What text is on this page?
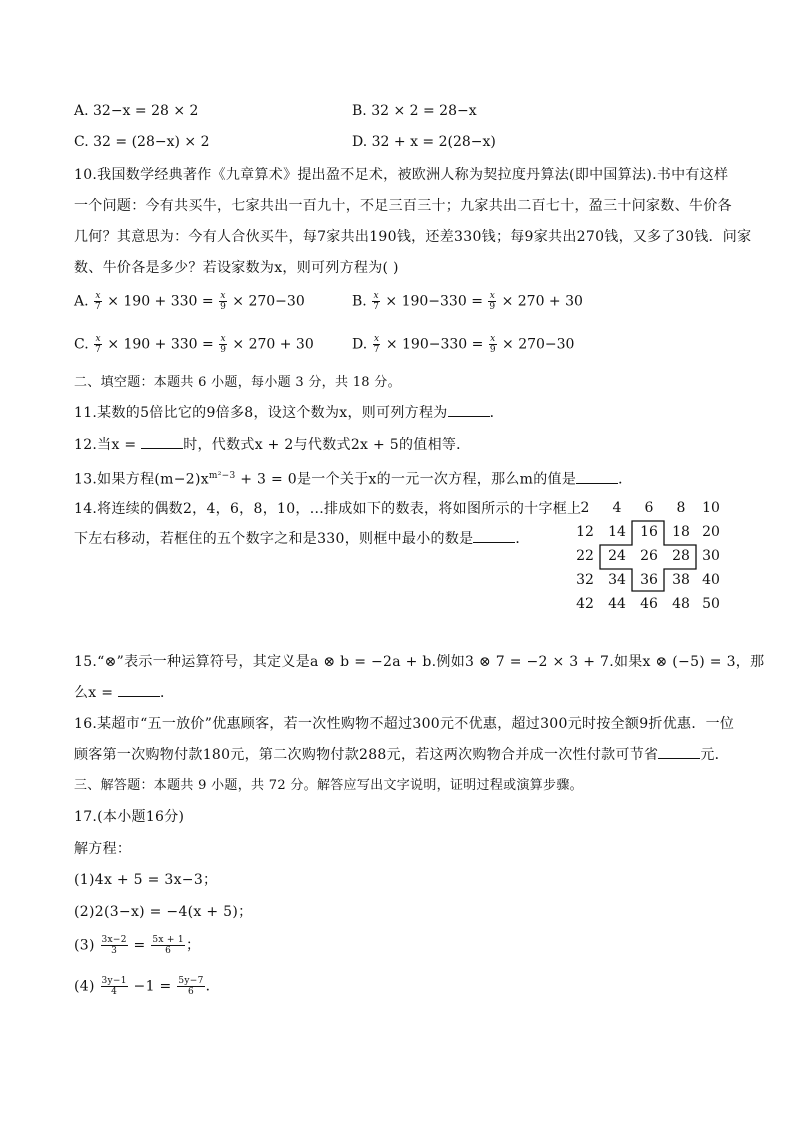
A. 32−x = 28 × 2	B. 32 × 2 = 28−x
C. 32 = (28−x) × 2	D. 32 + x = 2(28−x)
10.我国数学经典著作《九章算术》提出盈不足术，被欧洲人称为契拉度丹算法(即中国算法).书中有这样
一个问题：今有共买牛，七家共出一百九十，不足三百三十；九家共出二百七十，盈三十问家数、牛价各
几何？其意思为：今有人合伙买牛，每7家共出190钱，还差330钱；每9家共出270钱，又多了30钱．问家
数、牛价各是多少？若设家数为x，则可列方程为( )
A. $\frac{x}{7} \times 190 + 330 = \frac{x}{9} \times 270-30$	B. $\frac{x}{7} \times 190-330 = \frac{x}{9} \times 270 + 30$
C. $\frac{x}{7} \times 190 + 330 = \frac{x}{9} \times 270 + 30$	D. $\frac{x}{7} \times 190-330 = \frac{x}{9} \times 270-30$
二、填空题：本题共 6 小题，每小题 3 分，共 18 分。
11.某数的5倍比它的9倍多8，设这个数为x，则可列方程为	．
12.当x =	时，代数式x + 2与代数式2x + 5的值相等．
13.如果方程$(m-2)x^{m^2-3} + 3 = 0$是一个关于x的一元一次方程，那么m的值是	．
14.将连续的偶数2，4，6，8，10，...排成如下的数表，将如图所示的十字框上
下左右移动，若框住的五个数字之和是330，则框中最小的数是	．
2	4	6	8	10
12	14	16	18 20
22	24	26	28 30
32	34	36	38 40
42	44	46	48 50
15.“⊗”表示一种运算符号，其定义是a ⊗ b = −2a + b.例如3 ⊗ 7 = −2 × 3 + 7.如果x ⊗ (−5) = 3，那
么x =	．
16.某超市“五一放价”优惠顾客，若一次性购物不超过300元不优惠，超过300元时按全额9折优惠．一位
顾客第一次购物付款180元，第二次购物付款288元，若这两次购物合并成一次性付款可节省	元．
三、解答题：本题共 9 小题，共 72 分。解答应写出文字说明，证明过程或演算步骤。
17.(本小题16分)
解方程：
(1)4x + 5 = 3x−3；
(2)2(3−x) = −4(x + 5)；
$(3) \frac{3x-2}{3} = \frac{5x + 1}{6}$ ；
$(4) \frac{3y-1}{4} -1 = \frac{5y-7}{6}$ ．
